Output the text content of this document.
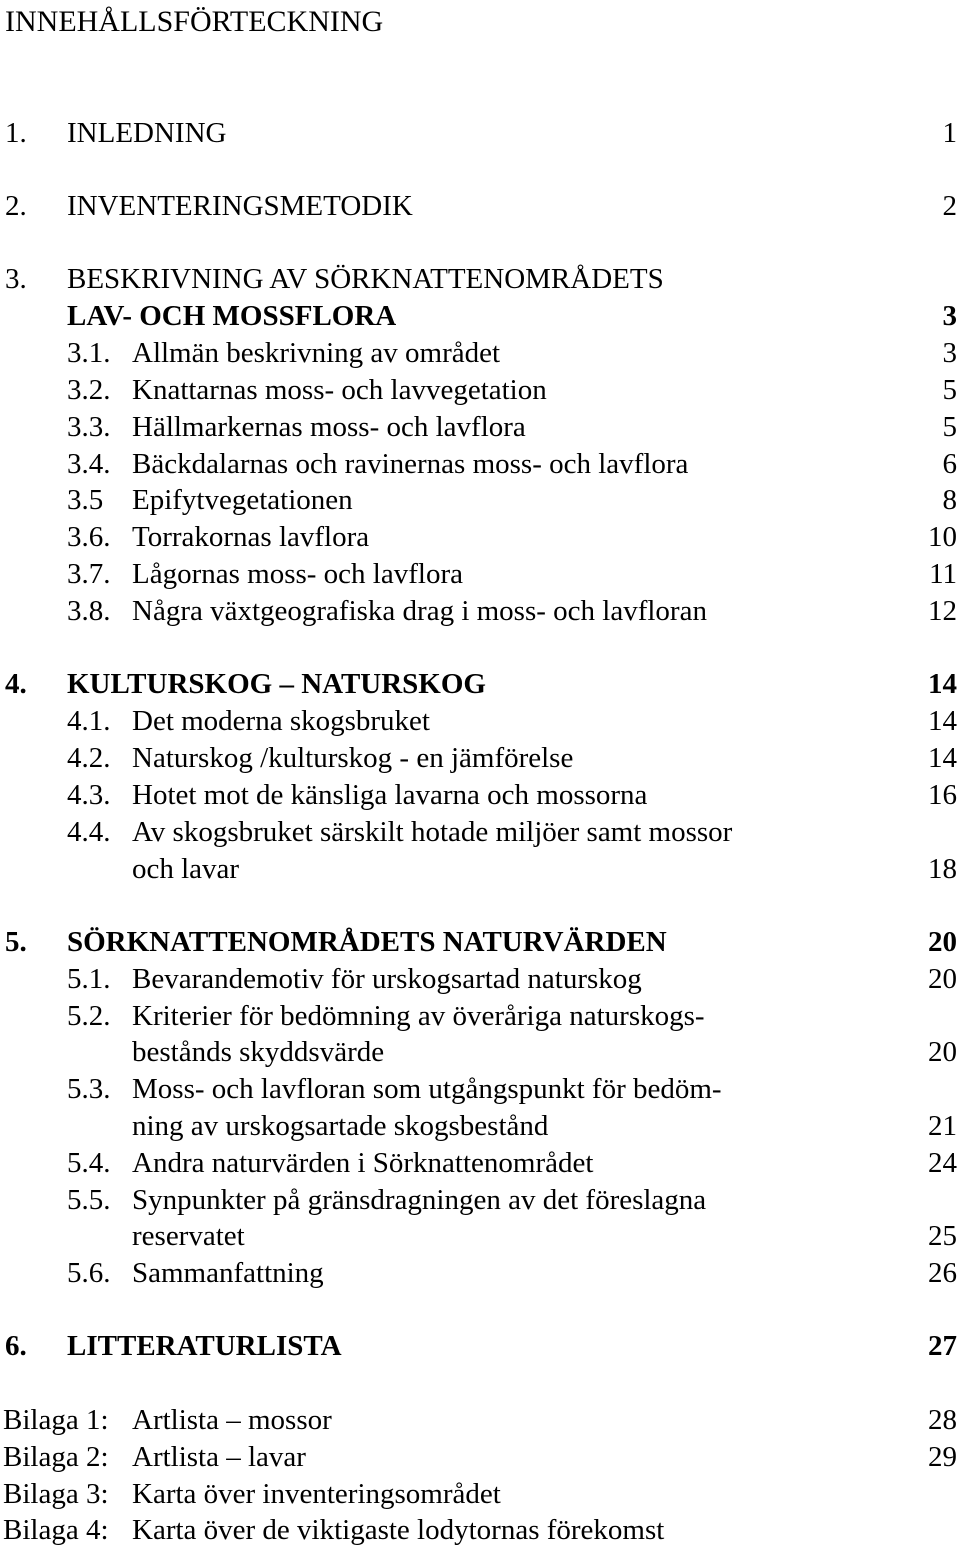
INNEHÅLLSFÖRTECKNING
1. INLEDNING	1
2. INVENTERINGSMETODIK	2
3. BESKRIVNING AV SÖRKNATTENOMRÅDETS
LAV- OCH MOSSFLORA	3
3.1. Allmän beskrivning av området	3
3.2. Knattarnas moss- och lavvegetation	5
3.3. Hällmarkernas moss- och lavflora	5
3.4. Bäckdalarnas och ravinernas moss- och lavflora	6
3.5 Epifytvegetationen	8
3.6. Torrakornas lavflora	10
3.7. Lågornas moss- och lavflora	11
3.8. Några växtgeografiska drag i moss- och lavfloran	12
4. KULTURSKOG – NATURSKOG	14
4.1. Det moderna skogsbruket	14
4.2. Naturskog /kulturskog - en jämförelse	14
4.3. Hotet mot de känsliga lavarna och mossorna	16
4.4. Av skogsbruket särskilt hotade miljöer samt mossor
och lavar	18
5. SÖRKNATTENOMRÅDETS NATURVÄRDEN	20
5.1. Bevarandemotiv för urskogsartad naturskog	20
5.2. Kriterier för bedömning av överåriga naturskogs-
bestånds skyddsvärde	20
5.3. Moss- och lavfloran som utgångspunkt för bedöm-
ning av urskogsartade skogsbestånd	21
5.4. Andra naturvärden i Sörknattenområdet	24
5.5. Synpunkter på gränsdragningen av det föreslagna
reservatet	25
5.6. Sammanfattning	26
6. LITTERATURLISTA	27
Bilaga 1: Artlista – mossor	28
Bilaga 2: Artlista – lavar	29
Bilaga 3: Karta över inventeringsområdet
Bilaga 4: Karta över de viktigaste lodytornas förekomst
